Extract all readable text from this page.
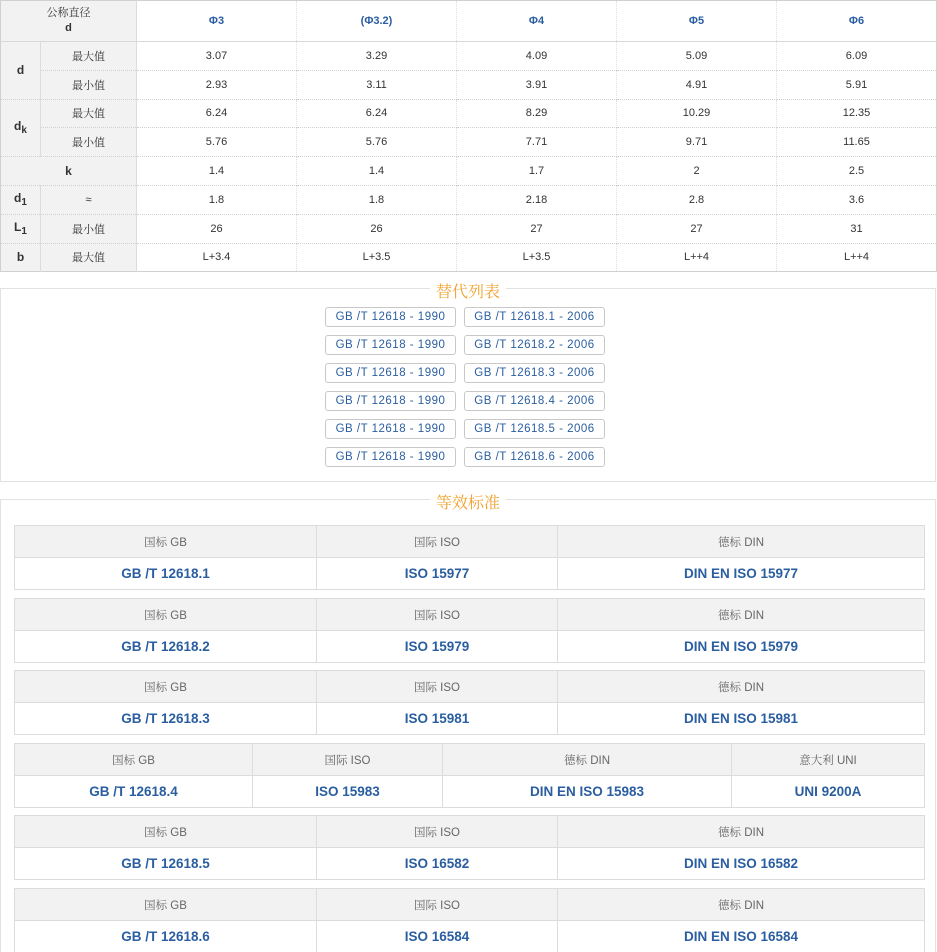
公称直径
d		Φ3	(Φ3.2)	Φ4	Φ5	Φ6
d	最大值	3.07	3.29	4.09	5.09	6.09
	最小值	2.93	3.11	3.91	4.91	5.91
$d_k$	最大值	6.24	6.24	8.29	10.29	12.35
	最小值	5.76	5.76	7.71	9.71	11.65
k		1.4	1.4	1.7	2	2.5
$d_1$	≈	1.8	1.8	2.18	2.8	3.6
$L_1$	最小值	26	26	27	27	31
b	最大值	L+3.4	L+3.5	L+3.5	L++4	L++4
替代列表
GB /T 12618 - 1990	GB /T 12618.1 - 2006
GB /T 12618 - 1990	GB /T 12618.2 - 2006
GB /T 12618 - 1990	GB /T 12618.3 - 2006
GB /T 12618 - 1990	GB /T 12618.4 - 2006
GB /T 12618 - 1990	GB /T 12618.5 - 2006
GB /T 12618 - 1990	GB /T 12618.6 - 2006
等效标准
国标 GB	国际 ISO	德标 DIN
GB /T 12618.1	ISO 15977	DIN EN ISO 15977
国标 GB	国际 ISO	德标 DIN
GB /T 12618.2	ISO 15979	DIN EN ISO 15979
国标 GB	国际 ISO	德标 DIN
GB /T 12618.3	ISO 15981	DIN EN ISO 15981
国标 GB	国际 ISO	德标 DIN	意大利 UNI
GB /T 12618.4	ISO 15983	DIN EN ISO 15983	UNI 9200A
国标 GB	国际 ISO	德标 DIN
GB /T 12618.5	ISO 16582	DIN EN ISO 16582
国标 GB	国际 ISO	德标 DIN
GB /T 12618.6	ISO 16584	DIN EN ISO 16584
